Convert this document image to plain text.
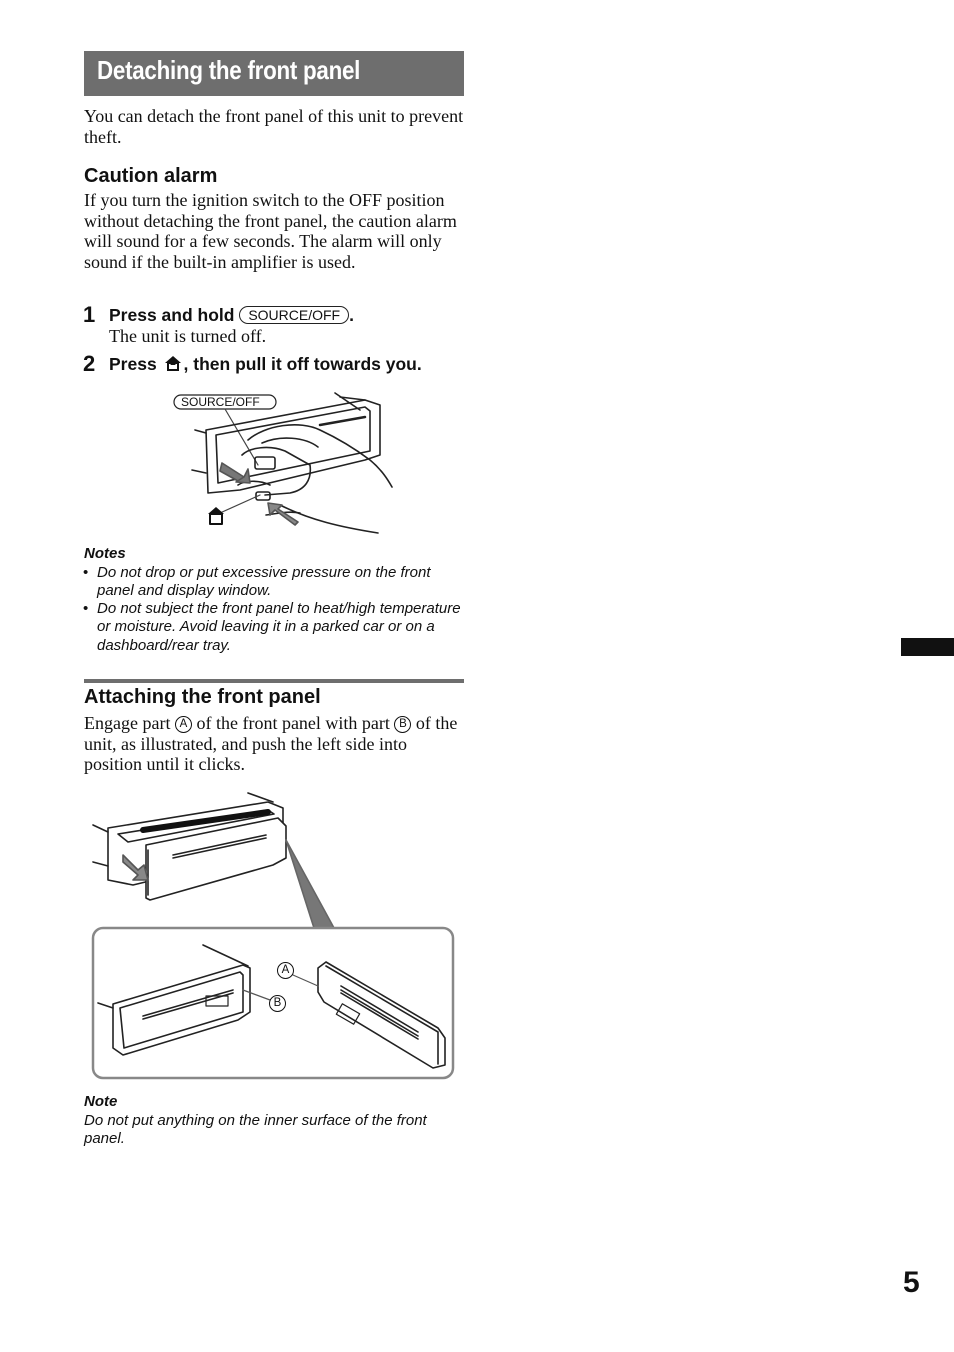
Detaching the front panel
You can detach the front panel of this unit to prevent theft.
Caution alarm
If you turn the ignition switch to the OFF position without detaching the front panel, the caution alarm will sound for a few seconds. The alarm will only sound if the built-in amplifier is used.
1 Press and hold SOURCE/OFF .
The unit is turned off.
2 Press , then pull it off towards you.
SOURCE/OFF
Notes
• Do not drop or put excessive pressure on the front panel and display window.
• Do not subject the front panel to heat/high temperature or moisture. Avoid leaving it in a parked car or on a dashboard/rear tray.
Attaching the front panel
Engage part A of the front panel with part B of the unit, as illustrated, and push the left side into position until it clicks.
A
B
Note
Do not put anything on the inner surface of the front panel.
5
